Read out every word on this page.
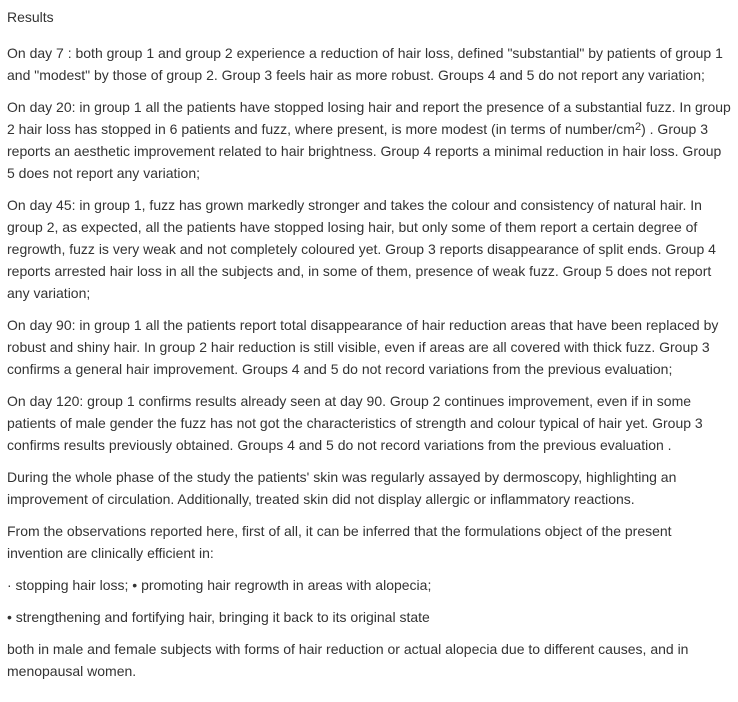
Results

On day 7 : both group 1 and group 2 experience a reduction of hair loss, defined "substantial" by patients of group 1 and "modest" by those of group 2. Group 3 feels hair as more robust. Groups 4 and 5 do not report any variation;

On day 20: in group 1 all the patients have stopped losing hair and report the presence of a substantial fuzz. In group 2 hair loss has stopped in 6 patients and fuzz, where present, is more modest (in terms of number/$cm^2$) . Group 3 reports an aesthetic improvement related to hair brightness. Group 4 reports a minimal reduction in hair loss. Group 5 does not report any variation;

On day 45: in group 1, fuzz has grown markedly stronger and takes the colour and consistency of natural hair. In group 2, as expected, all the patients have stopped losing hair, but only some of them report a certain degree of regrowth, fuzz is very weak and not completely coloured yet. Group 3 reports disappearance of split ends. Group 4 reports arrested hair loss in all the subjects and, in some of them, presence of weak fuzz. Group 5 does not report any variation;

On day 90: in group 1 all the patients report total disappearance of hair reduction areas that have been replaced by robust and shiny hair. In group 2 hair reduction is still visible, even if areas are all covered with thick fuzz. Group 3 confirms a general hair improvement. Groups 4 and 5 do not record variations from the previous evaluation;

On day 120: group 1 confirms results already seen at day 90. Group 2 continues improvement, even if in some patients of male gender the fuzz has not got the characteristics of strength and colour typical of hair yet. Group 3 confirms results previously obtained. Groups 4 and 5 do not record variations from the previous evaluation .

During the whole phase of the study the patients' skin was regularly assayed by dermoscopy, highlighting an improvement of circulation. Additionally, treated skin did not display allergic or inflammatory reactions.

From the observations reported here, first of all, it can be inferred that the formulations object of the present invention are clinically efficient in:

· stopping hair loss; • promoting hair regrowth in areas with alopecia;

• strengthening and fortifying hair, bringing it back to its original state

both in male and female subjects with forms of hair reduction or actual alopecia due to different causes, and in menopausal women.
